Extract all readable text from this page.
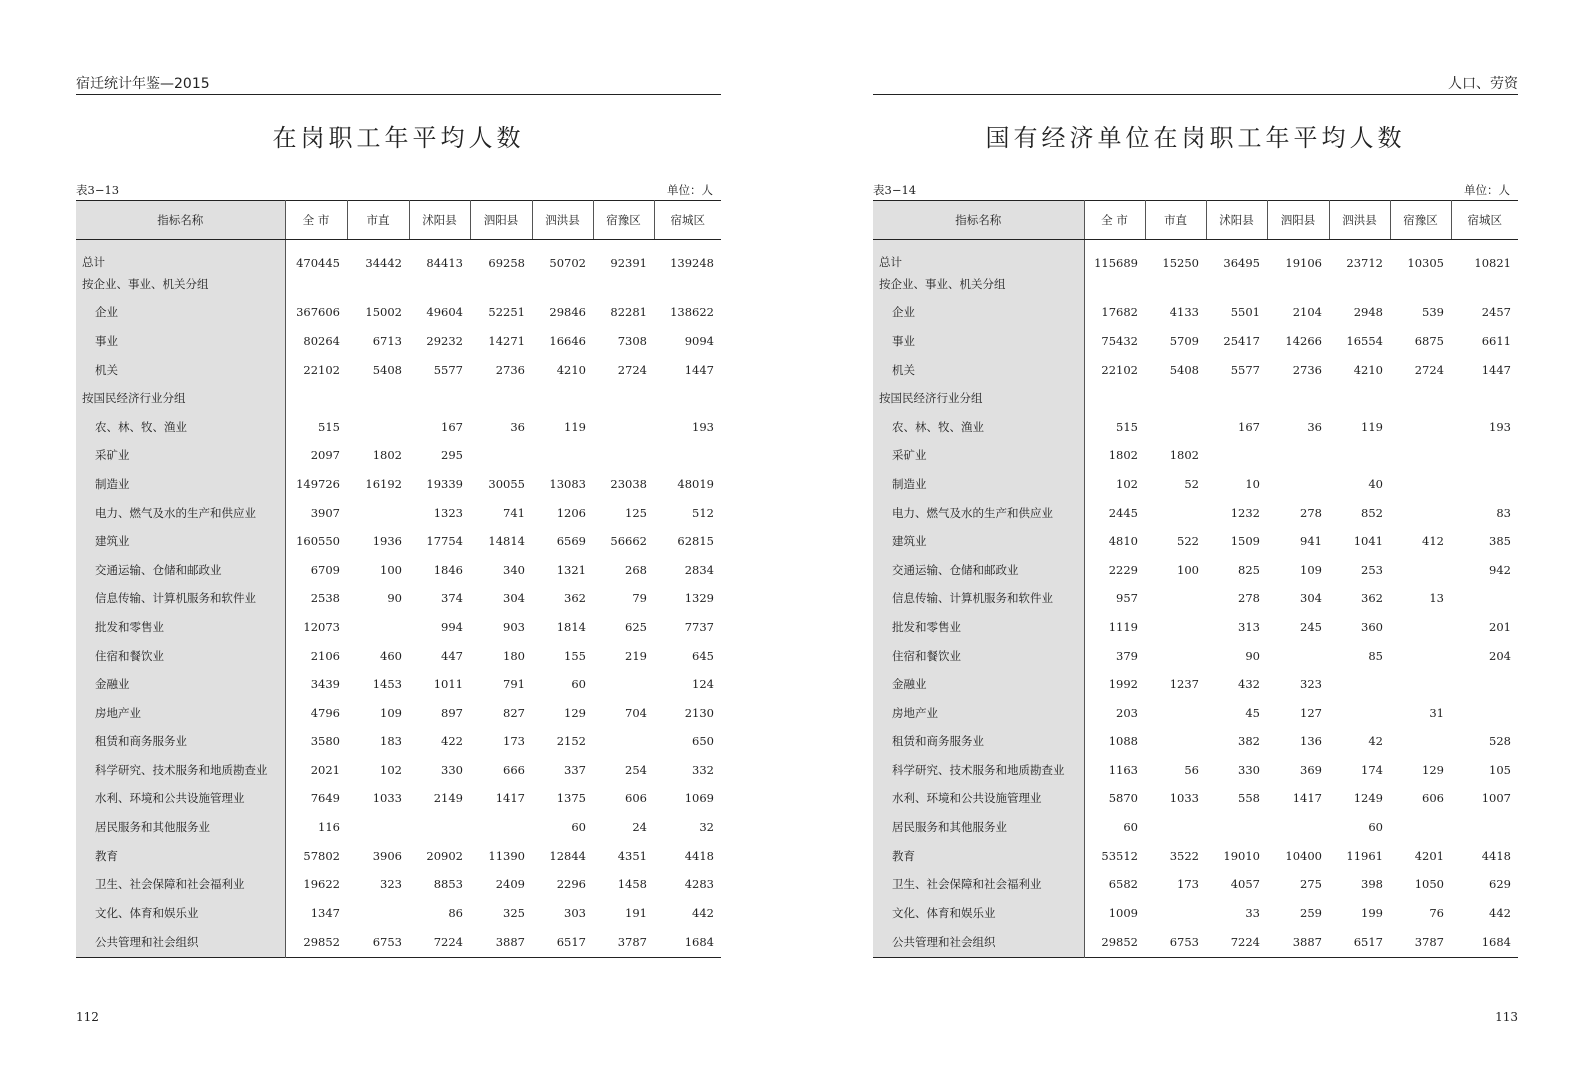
宿迁统计年鉴—2015
在岗职工年平均人数
表3−13	单位：人
指标名称	全 市	市直	沭阳县	泗阳县	泗洪县	宿豫区	宿城区
总计	470445	34442	84413	69258	50702	92391	139248
按企业、事业、机关分组							
企业	367606	15002	49604	52251	29846	82281	138622
事业	80264	6713	29232	14271	16646	7308	9094
机关	22102	5408	5577	2736	4210	2724	1447
按国民经济行业分组							
农、林、牧、渔业	515		167	36	119		193
采矿业	2097	1802	295				
制造业	149726	16192	19339	30055	13083	23038	48019
电力、燃气及水的生产和供应业	3907		1323	741	1206	125	512
建筑业	160550	1936	17754	14814	6569	56662	62815
交通运输、仓储和邮政业	6709	100	1846	340	1321	268	2834
信息传输、计算机服务和软件业	2538	90	374	304	362	79	1329
批发和零售业	12073		994	903	1814	625	7737
住宿和餐饮业	2106	460	447	180	155	219	645
金融业	3439	1453	1011	791	60		124
房地产业	4796	109	897	827	129	704	2130
租赁和商务服务业	3580	183	422	173	2152		650
科学研究、技术服务和地质勘查业	2021	102	330	666	337	254	332
水利、环境和公共设施管理业	7649	1033	2149	1417	1375	606	1069
居民服务和其他服务业	116				60	24	32
教育	57802	3906	20902	11390	12844	4351	4418
卫生、社会保障和社会福利业	19622	323	8853	2409	2296	1458	4283
文化、体育和娱乐业	1347		86	325	303	191	442
公共管理和社会组织	29852	6753	7224	3887	6517	3787	1684
112
人口、劳资
国有经济单位在岗职工年平均人数
表3−14	单位：人
指标名称	全 市	市直	沭阳县	泗阳县	泗洪县	宿豫区	宿城区
总计	115689	15250	36495	19106	23712	10305	10821
按企业、事业、机关分组							
企业	17682	4133	5501	2104	2948	539	2457
事业	75432	5709	25417	14266	16554	6875	6611
机关	22102	5408	5577	2736	4210	2724	1447
按国民经济行业分组							
农、林、牧、渔业	515		167	36	119		193
采矿业	1802	1802					
制造业	102	52	10		40		
电力、燃气及水的生产和供应业	2445		1232	278	852		83
建筑业	4810	522	1509	941	1041	412	385
交通运输、仓储和邮政业	2229	100	825	109	253		942
信息传输、计算机服务和软件业	957		278	304	362	13	
批发和零售业	1119		313	245	360		201
住宿和餐饮业	379		90		85		204
金融业	1992	1237	432	323			
房地产业	203		45	127		31	
租赁和商务服务业	1088		382	136	42		528
科学研究、技术服务和地质勘查业	1163	56	330	369	174	129	105
水利、环境和公共设施管理业	5870	1033	558	1417	1249	606	1007
居民服务和其他服务业	60				60		
教育	53512	3522	19010	10400	11961	4201	4418
卫生、社会保障和社会福利业	6582	173	4057	275	398	1050	629
文化、体育和娱乐业	1009		33	259	199	76	442
公共管理和社会组织	29852	6753	7224	3887	6517	3787	1684
113
